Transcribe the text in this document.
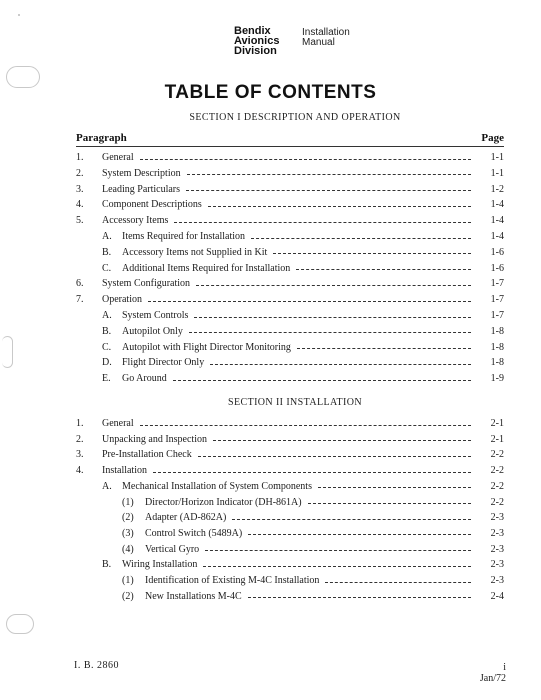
Bendix
Avionics
Division
Installation
Manual
TABLE OF CONTENTS
SECTION I DESCRIPTION AND OPERATION
Paragraph	Page
1. General	1-1
2. System Description	1-1
3. Leading Particulars	1-2
4. Component Descriptions	1-4
5. Accessory Items	1-4
A. Items Required for Installation	1-4
B. Accessory Items not Supplied in Kit	1-6
C. Additional Items Required for Installation	1-6
6. System Configuration	1-7
7. Operation	1-7
A. System Controls	1-7
B. Autopilot Only	1-8
C. Autopilot with Flight Director Monitoring	1-8
D. Flight Director Only	1-8
E. Go Around	1-9
SECTION II INSTALLATION
1. General	2-1
2. Unpacking and Inspection	2-1
3. Pre-Installation Check	2-2
4. Installation	2-2
A. Mechanical Installation of System Components	2-2
(1) Director/Horizon Indicator (DH-861A)	2-2
(2) Adapter (AD-862A)	2-3
(3) Control Switch (5489A)	2-3
(4) Vertical Gyro	2-3
B. Wiring Installation	2-3
(1) Identification of Existing M-4C Installation	2-3
(2) New Installations M-4C	2-4
I. B. 2860	i
Jan/72
